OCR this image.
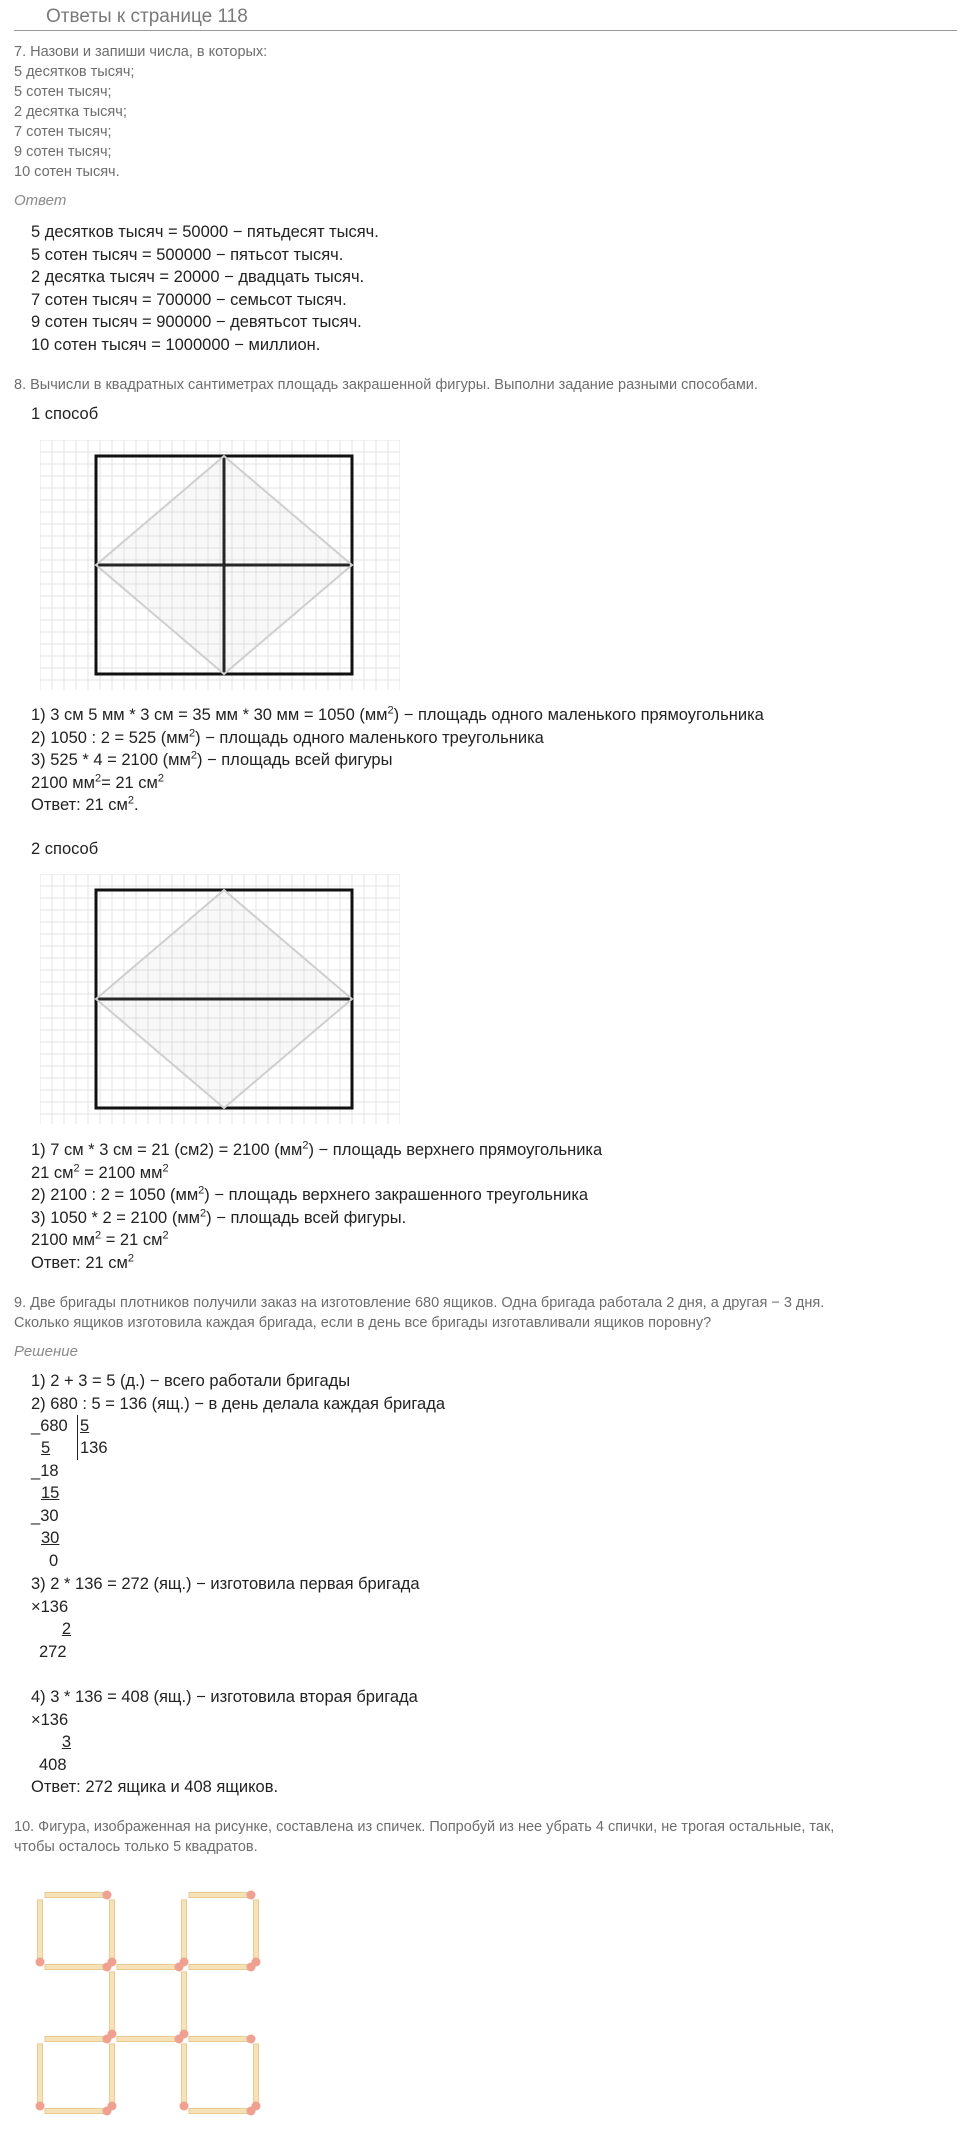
Ответы к странице 118
7. Назови и запиши числа, в которых:
5 десятков тысяч;
5 сотен тысяч;
2 десятка тысяч;
7 сотен тысяч;
9 сотен тысяч;
10 сотен тысяч.
Ответ
5 десятков тысяч = 50000 − пятьдесят тысяч.
5 сотен тысяч = 500000 − пятьсот тысяч.
2 десятка тысяч = 20000 − двадцать тысяч.
7 сотен тысяч = 700000 − семьсот тысяч.
9 сотен тысяч = 900000 − девятьсот тысяч.
10 сотен тысяч = 1000000 − миллион.
8. Вычисли в квадратных сантиметрах площадь закрашенной фигуры. Выполни задание разными способами.
1 способ
1) 3 см 5 мм * 3 см = 35 мм * 30 мм = 1050 $(мм^2)$ − площадь одного маленького прямоугольника
2) 1050 : 2 = 525 $(мм^2)$ − площадь одного маленького треугольника
3) 525 * 4 = 2100 $(мм^2)$ − площадь всей фигуры
2100 $мм^2= 21$ $см^2$
Ответ: 21 $см^2$.
2 способ
1) 7 см * 3 см = 21 (см2) = 2100 $(мм^2)$ − площадь верхнего прямоугольника
21 $см^2 = 2100$ $мм^2$
2) 2100 : 2 = 1050 $(мм^2)$ − площадь верхнего закрашенного треугольника
3) 1050 * 2 = 2100 $(мм^2)$ − площадь всей фигуры.
2100 $мм^2 = 21$ $см^2$
Ответ: 21 $см^2$
9. Две бригады плотников получили заказ на изготовление 680 ящиков. Одна бригада работала 2 дня, а другая − 3 дня.
Сколько ящиков изготовила каждая бригада, если в день все бригады изготавливали ящиков поровну?
Решение
1) 2 + 3 = 5 (д.) − всего работали бригады
2) 680 : 5 = 136 (ящ.) − в день делала каждая бригада
_680 5
5 136
_18
15
_30
30
0
3) 2 * 136 = 272 (ящ.) − изготовила первая бригада
×136
2
272
4) 3 * 136 = 408 (ящ.) − изготовила вторая бригада
×136
3
408
Ответ: 272 ящика и 408 ящиков.
10. Фигура, изображенная на рисунке, составлена из спичек. Попробуй из нее убрать 4 спички, не трогая остальные, так,
чтобы осталось только 5 квадратов.
